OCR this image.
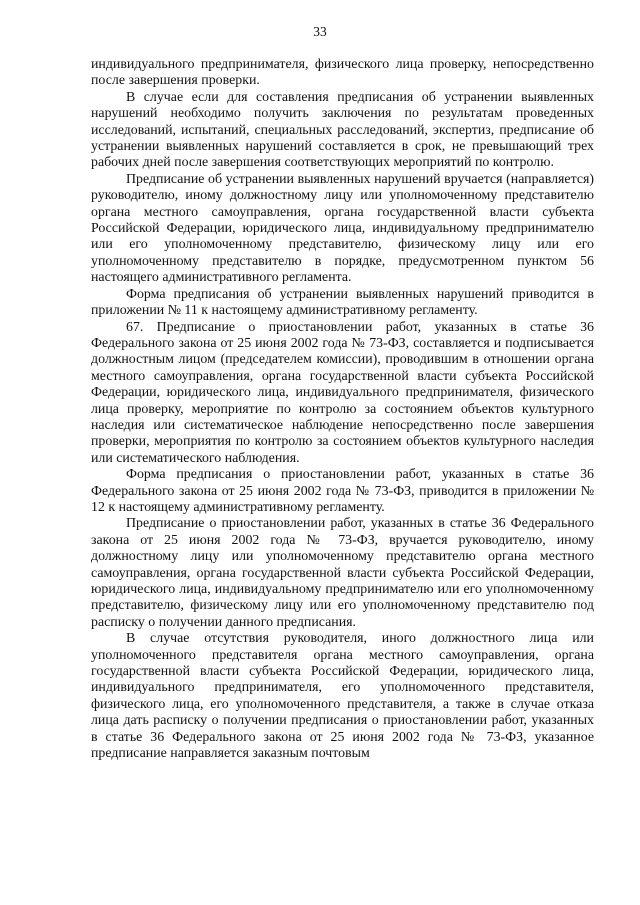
33

индивидуального предпринимателя, физического лица проверку, непосредственно после завершения проверки.

В случае если для составления предписания об устранении выявленных нарушений необходимо получить заключения по результатам проведенных исследований, испытаний, специальных расследований, экспертиз, предписание об устранении выявленных нарушений составляется в срок, не превышающий трех рабочих дней после завершения соответствующих мероприятий по контролю.

Предписание об устранении выявленных нарушений вручается (направляется) руководителю, иному должностному лицу или уполномоченному представителю органа местного самоуправления, органа государственной власти субъекта Российской Федерации, юридического лица, индивидуальному предпринимателю или его уполномоченному представителю, физическому лицу или его уполномоченному представителю в порядке, предусмотренном пунктом 56 настоящего административного регламента.

Форма предписания об устранении выявленных нарушений приводится в приложении № 11 к настоящему административному регламенту.

67. Предписание о приостановлении работ, указанных в статье 36 Федерального закона от 25 июня 2002 года № 73-ФЗ, составляется и подписывается должностным лицом (председателем комиссии), проводившим в отношении органа местного самоуправления, органа государственной власти субъекта Российской Федерации, юридического лица, индивидуального предпринимателя, физического лица проверку, мероприятие по контролю за состоянием объектов культурного наследия или систематическое наблюдение непосредственно после завершения проверки, мероприятия по контролю за состоянием объектов культурного наследия или систематического наблюдения.

Форма предписания о приостановлении работ, указанных в статье 36 Федерального закона от 25 июня 2002 года № 73-ФЗ, приводится в приложении № 12 к настоящему административному регламенту.

Предписание о приостановлении работ, указанных в статье 36 Федерального закона от 25 июня 2002 года № 73-ФЗ, вручается руководителю, иному должностному лицу или уполномоченному представителю органа местного самоуправления, органа государственной власти субъекта Российской Федерации, юридического лица, индивидуальному предпринимателю или его уполномоченному представителю, физическому лицу или его уполномоченному представителю под расписку о получении данного предписания.

В случае отсутствия руководителя, иного должностного лица или уполномоченного представителя органа местного самоуправления, органа государственной власти субъекта Российской Федерации, юридического лица, индивидуального предпринимателя, его уполномоченного представителя, физического лица, его уполномоченного представителя, а также в случае отказа лица дать расписку о получении предписания о приостановлении работ, указанных в статье 36 Федерального закона от 25 июня 2002 года № 73-ФЗ, указанное предписание направляется заказным почтовым
